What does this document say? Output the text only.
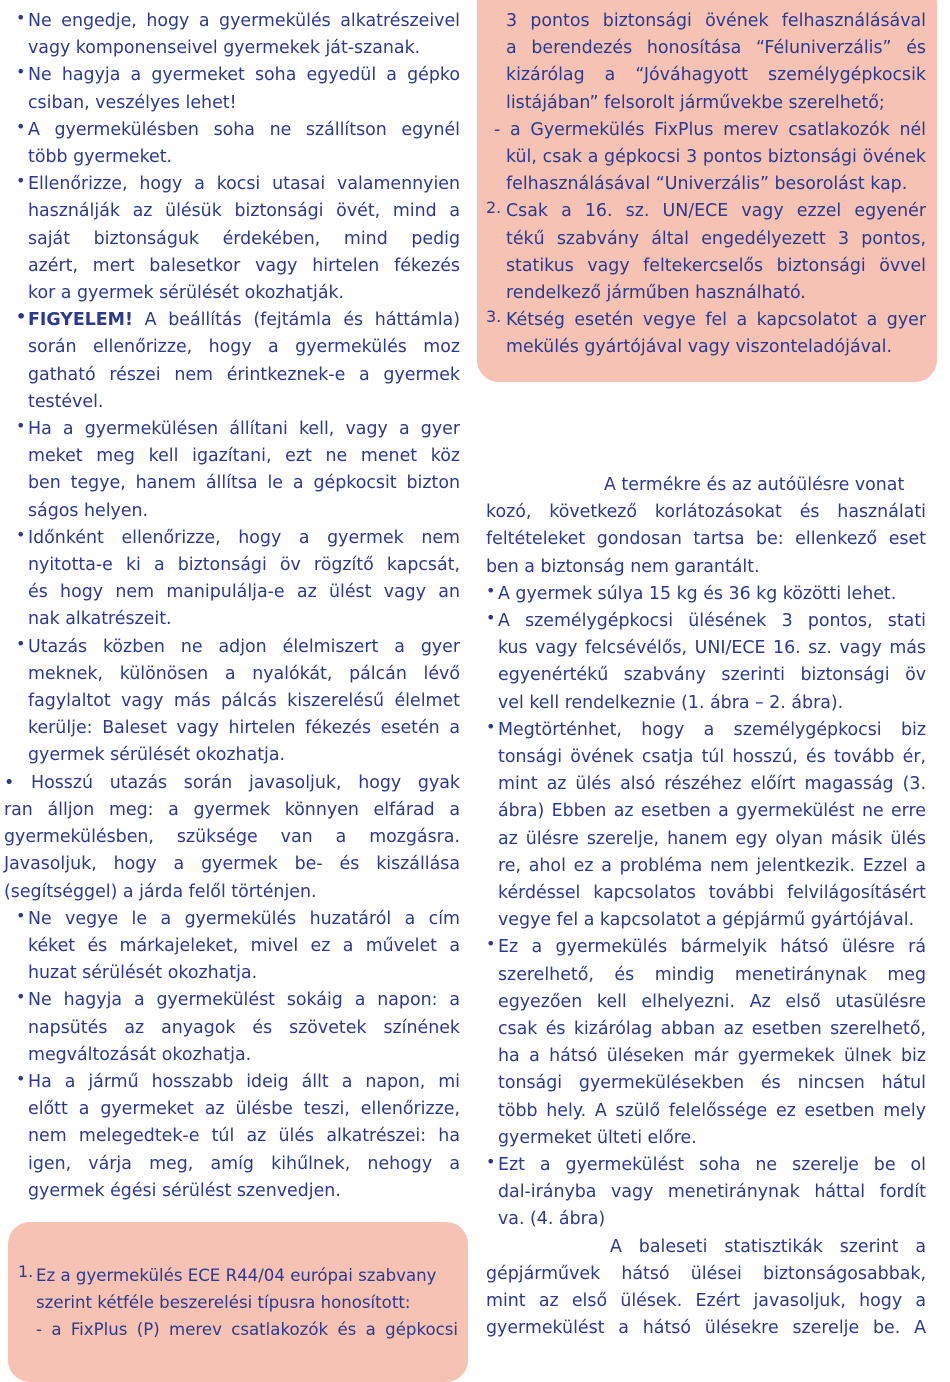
• Ne engedje, hogy a gyermekülés alkatrészeivel

vagy komponenseivel gyermekek ját-szanak.

• Ne hagyja a gyermeket soha egyedül a gépko

csiban, veszélyes lehet!

• A gyermekülésben soha ne szállítson egynél

több gyermeket.

• Ellenőrizze, hogy a kocsi utasai valamennyien

használják az ülésük biztonsági övét, mind a

saját biztonságuk érdekében, mind pedig

azért, mert balesetkor vagy hirtelen fékezés

kor a gyermek sérülését okozhatják.

• FIGYELEM! A beállítás (fejtámla és háttámla)

során ellenőrizze, hogy a gyermekülés moz

gatható részei nem érintkeznek-e a gyermek

testével.

• Ha a gyermekülésen állítani kell, vagy a gyer

meket meg kell igazítani, ezt ne menet köz

ben tegye, hanem állítsa le a gépkocsit bizton

ságos helyen.

• Időnként ellenőrizze, hogy a gyermek nem

nyitotta-e ki a biztonsági öv rögzítő kapcsát,

és hogy nem manipulálja-e az ülést vagy an

nak alkatrészeit.

• Utazás közben ne adjon élelmiszert a gyer

meknek, különösen a nyalókát, pálcán lévő

fagylaltot vagy más pálcás kiszerelésű élelmet

kerülje: Baleset vagy hirtelen fékezés esetén a

gyermek sérülését okozhatja.

• Hosszú utazás során javasoljuk, hogy gyak

ran álljon meg: a gyermek könnyen elfárad a

gyermekülésben, szüksége van a mozgásra.

Javasoljuk, hogy a gyermek be- és kiszállása

(segítséggel) a járda felől történjen.

• Ne vegye le a gyermekülés huzatáról a cím

kéket és márkajeleket, mivel ez a művelet a

huzat sérülését okozhatja.

• Ne hagyja a gyermekülést sokáig a napon: a

napsütés az anyagok és szövetek színének

megváltozását okozhatja.

• Ha a jármű hosszabb ideig állt a napon, mi

előtt a gyermeket az ülésbe teszi, ellenőrizze,

nem melegedtek-e túl az ülés alkatrészei: ha

igen, várja meg, amíg kihűlnek, nehogy a

gyermek égési sérülést szenvedjen.

1. Ez a gyermekülés ECE R44/04 európai szabvany

szerint kétféle beszerelési típusra honosított:

- a FixPlus (P) merev csatlakozók és a gépkocsi

3 pontos biztonsági övének felhasználásával

a berendezés honosítása “Féluniverzális” és

kizárólag a “Jóváhagyott személygépkocsik

listájában” felsorolt járművekbe szerelhető;

- a Gyermekülés FixPlus merev csatlakozók nél

kül, csak a gépkocsi 3 pontos biztonsági övének

felhasználásával “Univerzális” besorolást kap.

2. Csak a 16. sz. UN/ECE vagy ezzel egyenér

tékű szabvány által engedélyezett 3 pontos,

statikus vagy feltekercselős biztonsági övvel

rendelkező járműben használható.

3. Kétség esetén vegye fel a kapcsolatot a gyer

mekülés gyártójával vagy viszonteladójával.

A termékre és az autóülésre vonat

kozó, következő korlátozásokat és használati

feltételeket gondosan tartsa be: ellenkező eset

ben a biztonság nem garantált.

• A gyermek súlya 15 kg és 36 kg közötti lehet.

• A személygépkocsi ülésének 3 pontos, stati

kus vagy felcsévélős, UNI/ECE 16. sz. vagy más

egyenértékű szabvány szerinti biztonsági öv

vel kell rendelkeznie (1. ábra – 2. ábra).

• Megtörténhet, hogy a személygépkocsi biz

tonsági övének csatja túl hosszú, és tovább ér,

mint az ülés alsó részéhez előírt magasság (3.

ábra) Ebben az esetben a gyermekülést ne erre

az ülésre szerelje, hanem egy olyan másik ülés

re, ahol ez a probléma nem jelentkezik. Ezzel a

kérdéssel kapcsolatos további felvilágosításért

vegye fel a kapcsolatot a gépjármű gyártójával.

• Ez a gyermekülés bármelyik hátsó ülésre rá

szerelhető, és mindig menetiránynak meg

egyezően kell elhelyezni. Az első utasülésre

csak és kizárólag abban az esetben szerelhető,

ha a hátsó üléseken már gyermekek ülnek biz

tonsági gyermekülésekben és nincsen hátul

több hely. A szülő felelőssége ez esetben mely

gyermeket ülteti előre.

• Ezt a gyermekülést soha ne szerelje be ol

dal-irányba vagy menetiránynak háttal fordít

va. (4. ábra)

A baleseti statisztikák szerint a

gépjárművek hátsó ülései biztonságosabbak,

mint az első ülések. Ezért javasoljuk, hogy a

gyermekülést a hátsó ülésekre szerelje be. A
